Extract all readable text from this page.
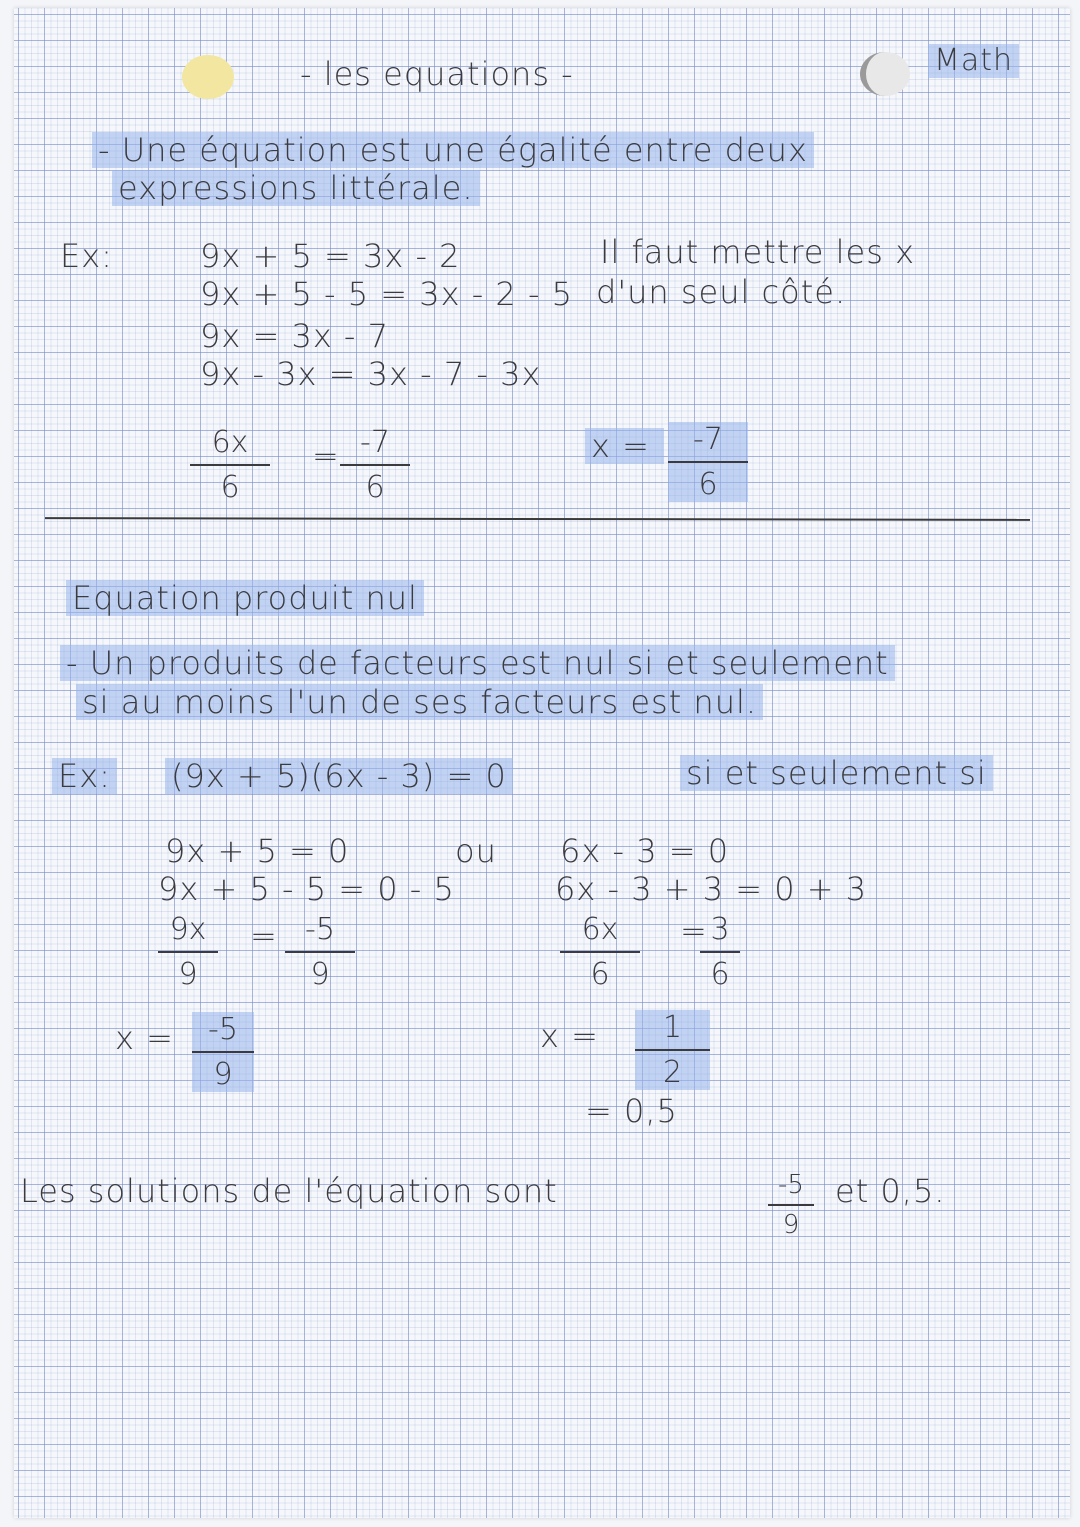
- les equations -	Math
- Une équation est une égalité entre deux
expressions littérale.
Ex:	9x + 5 = 3x - 2	Il faut mettre les x
9x + 5 - 5 = 3x - 2 - 5 d'un seul côté.
9x = 3x - 7
9x - 3x = 3x - 7 - 3x
6x
6
= -7
6
x =	-7
6
Equation produit nul
- Un produits de facteurs est nul si et seulement
si au moins l'un de ses facteurs est nul.
Ex: (9x + 5)(6x - 3) = 0	si et seulement si
9x + 5 = 0	ou
9x + 5 - 5 = 0 - 5
9x
9
= -5
9
x = -5
9
6x - 3 = 0
6x - 3 + 3 = 0 + 3
6x
6
= 3
6
x = 1
2
= 0,5
Les solutions de l'équation sont	-5
9
et 0,5.
